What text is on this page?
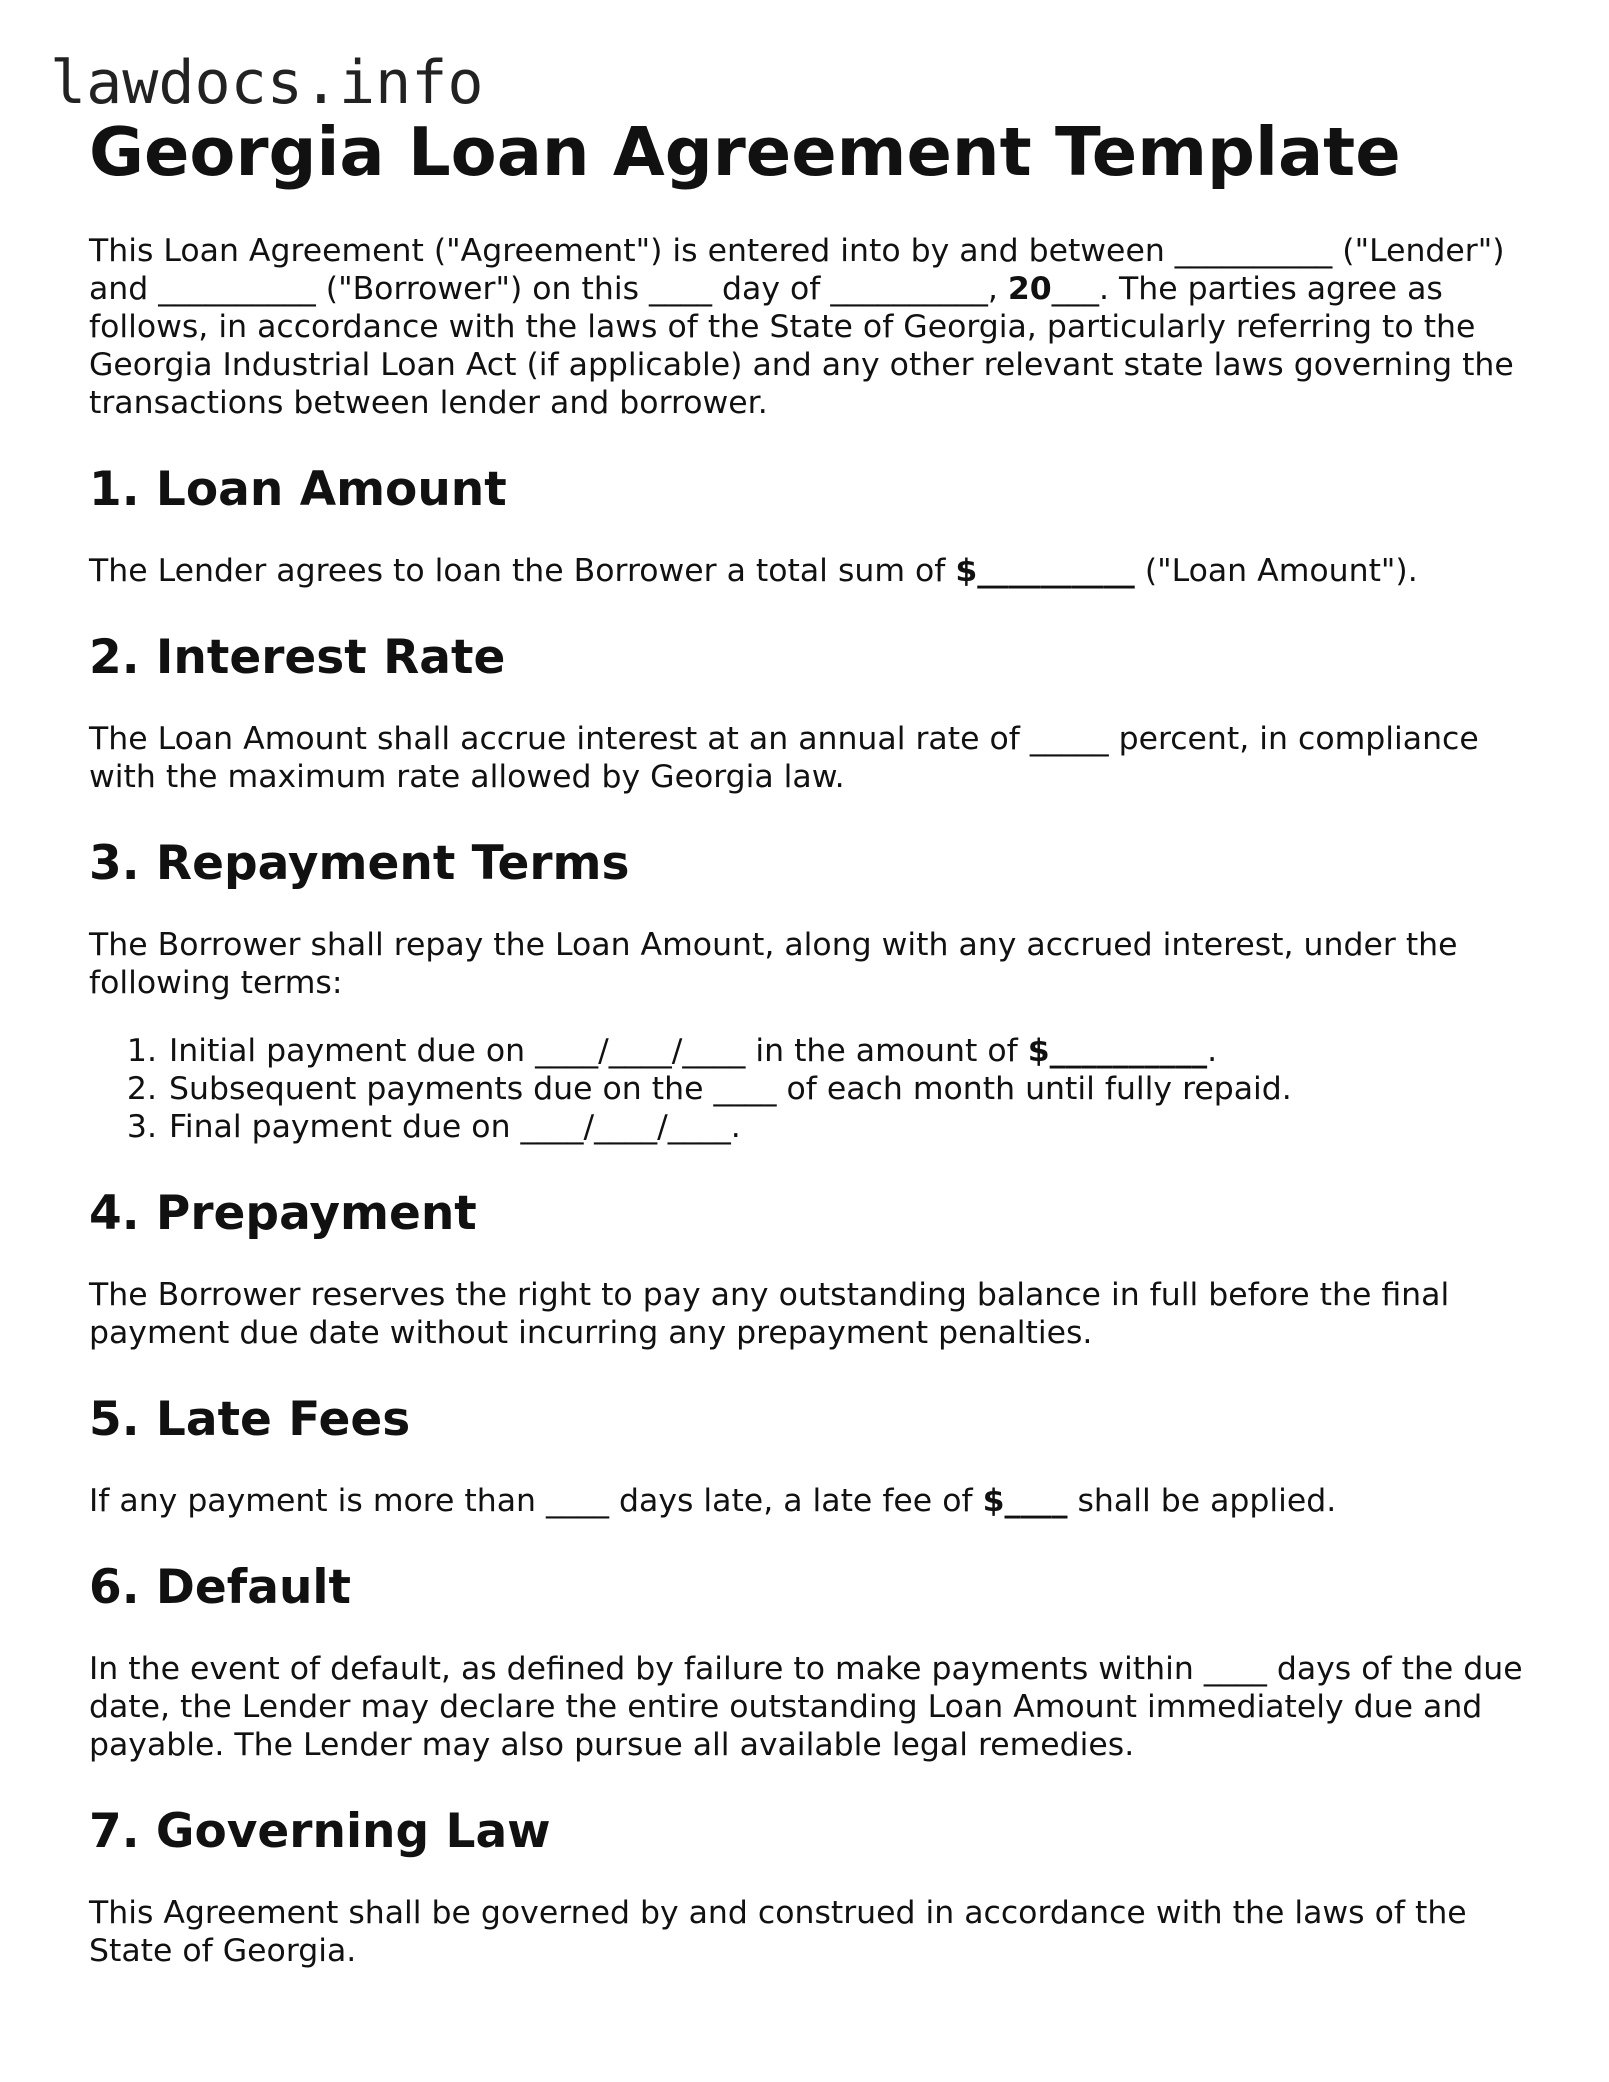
lawdocs.info
Georgia Loan Agreement Template

This Loan Agreement ("Agreement") is entered into by and between __________ ("Lender") and __________ ("Borrower") on this ____ day of __________, 20___. The parties agree as follows, in accordance with the laws of the State of Georgia, particularly referring to the Georgia Industrial Loan Act (if applicable) and any other relevant state laws governing the transactions between lender and borrower.

1. Loan Amount

The Lender agrees to loan the Borrower a total sum of $__________ ("Loan Amount").

2. Interest Rate

The Loan Amount shall accrue interest at an annual rate of _____ percent, in compliance with the maximum rate allowed by Georgia law.

3. Repayment Terms

The Borrower shall repay the Loan Amount, along with any accrued interest, under the following terms:

1. Initial payment due on ____/____/____ in the amount of $__________.
2. Subsequent payments due on the ____ of each month until fully repaid.
3. Final payment due on ____/____/____.
4. Prepayment

The Borrower reserves the right to pay any outstanding balance in full before the final payment due date without incurring any prepayment penalties.

5. Late Fees

If any payment is more than ____ days late, a late fee of $____ shall be applied.

6. Default

In the event of default, as defined by failure to make payments within ____ days of the due date, the Lender may declare the entire outstanding Loan Amount immediately due and payable. The Lender may also pursue all available legal remedies.

7. Governing Law

This Agreement shall be governed by and construed in accordance with the laws of the State of Georgia.
